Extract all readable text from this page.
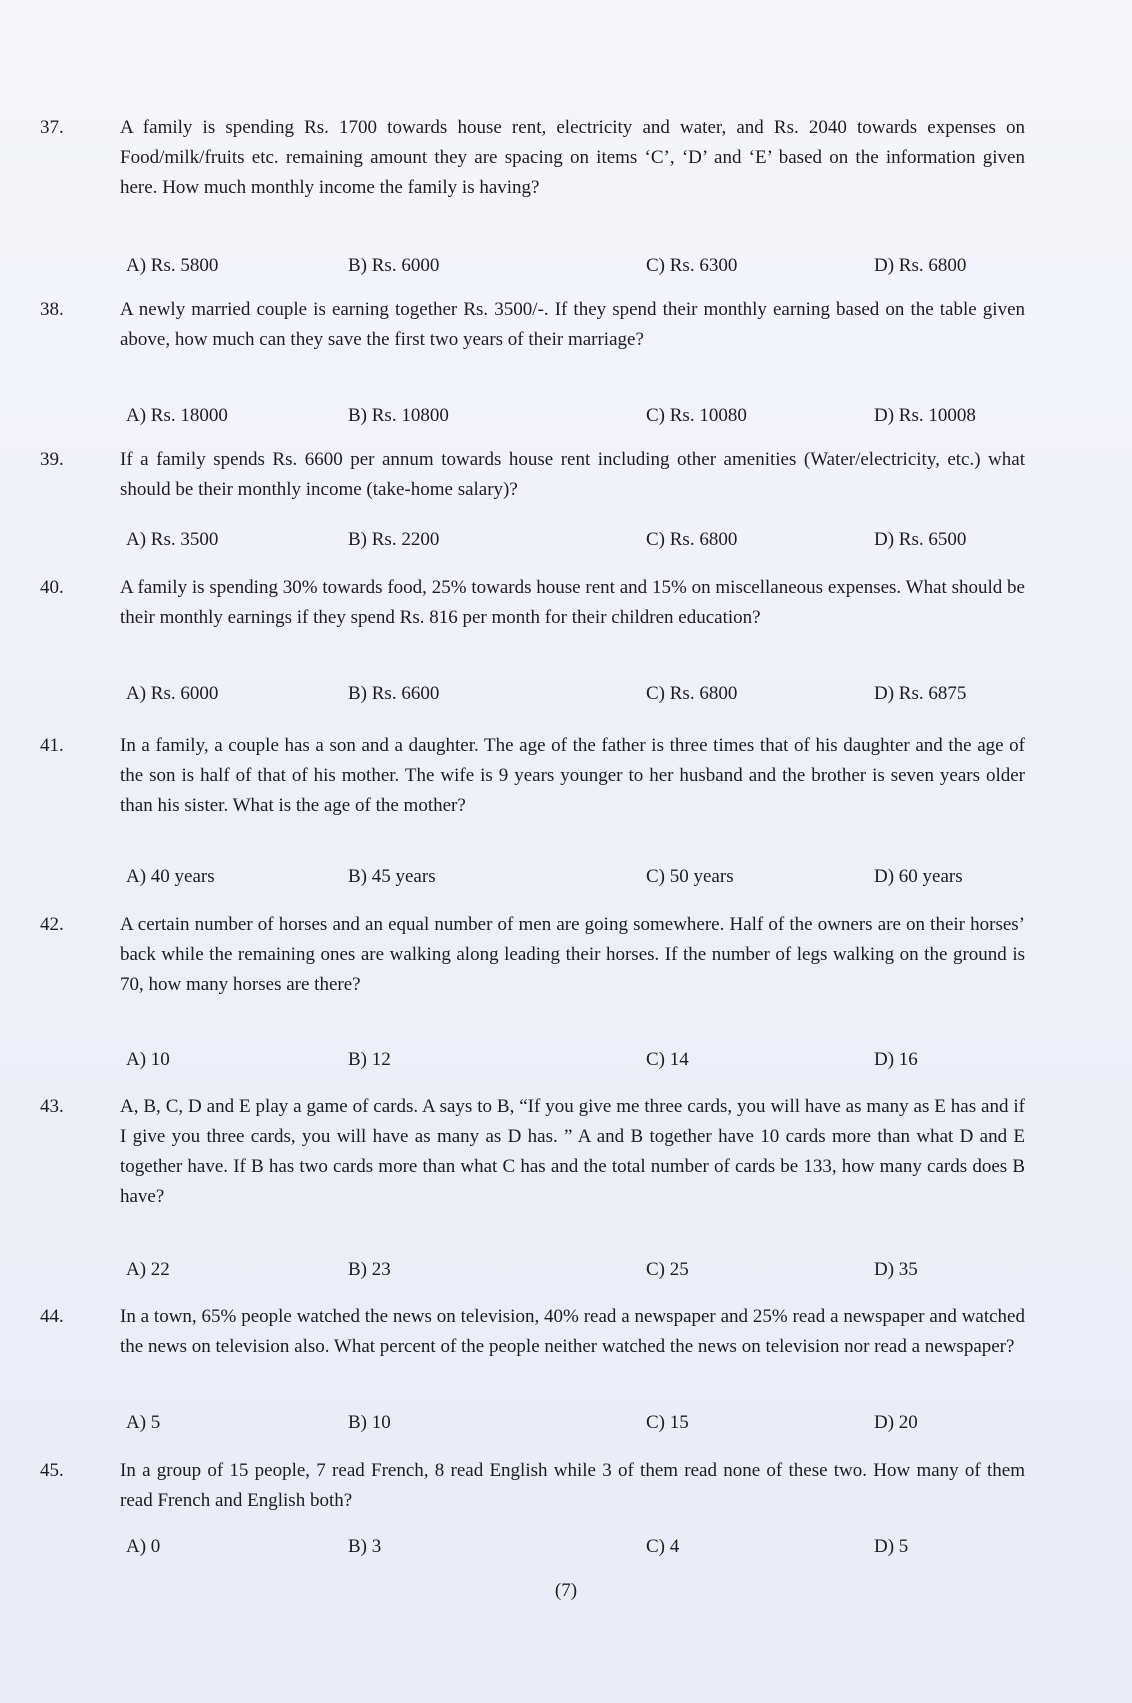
37.	A family is spending Rs. 1700 towards house rent, electricity and water, and Rs. 2040 towards expenses on Food/milk/fruits etc. remaining amount they are spacing on items ‘C’, ‘D’ and ‘E’ based on the information given here. How much monthly income the family is having?
A) Rs. 5800	B) Rs. 6000	C) Rs. 6300	D) Rs. 6800
38.	A newly married couple is earning together Rs. 3500/-. If they spend their monthly earning based on the table given above, how much can they save the first two years of their marriage?
A) Rs. 18000	B) Rs. 10800	C) Rs. 10080	D) Rs. 10008
39.	If a family spends Rs. 6600 per annum towards house rent including other amenities (Water/electricity, etc.) what should be their monthly income (take-home salary)?
A) Rs. 3500	B) Rs. 2200	C) Rs. 6800	D) Rs. 6500
40.	A family is spending 30% towards food, 25% towards house rent and 15% on miscellaneous expenses. What should be their monthly earnings if they spend Rs. 816 per month for their children education?
A) Rs. 6000	B) Rs. 6600	C) Rs. 6800	D) Rs. 6875
41.	In a family, a couple has a son and a daughter. The age of the father is three times that of his daughter and the age of the son is half of that of his mother. The wife is 9 years younger to her husband and the brother is seven years older than his sister. What is the age of the mother?
A) 40 years	B) 45 years	C) 50 years	D) 60 years
42.	A certain number of horses and an equal number of men are going somewhere. Half of the owners are on their horses’ back while the remaining ones are walking along leading their horses. If the number of legs walking on the ground is 70, how many horses are there?
A) 10	B) 12	C) 14	D) 16
43.	A, B, C, D and E play a game of cards. A says to B, “If you give me three cards, you will have as many as E has and if I give you three cards, you will have as many as D has. ” A and B together have 10 cards more than what D and E together have. If B has two cards more than what C has and the total number of cards be 133, how many cards does B have?
A) 22	B) 23	C) 25	D) 35
44.	In a town, 65% people watched the news on television, 40% read a newspaper and 25% read a newspaper and watched the news on television also. What percent of the people neither watched the news on television nor read a newspaper?
A) 5	B) 10	C) 15	D) 20
45.	In a group of 15 people, 7 read French, 8 read English while 3 of them read none of these two. How many of them read French and English both?
A) 0	B) 3	C) 4	D) 5
(7)
